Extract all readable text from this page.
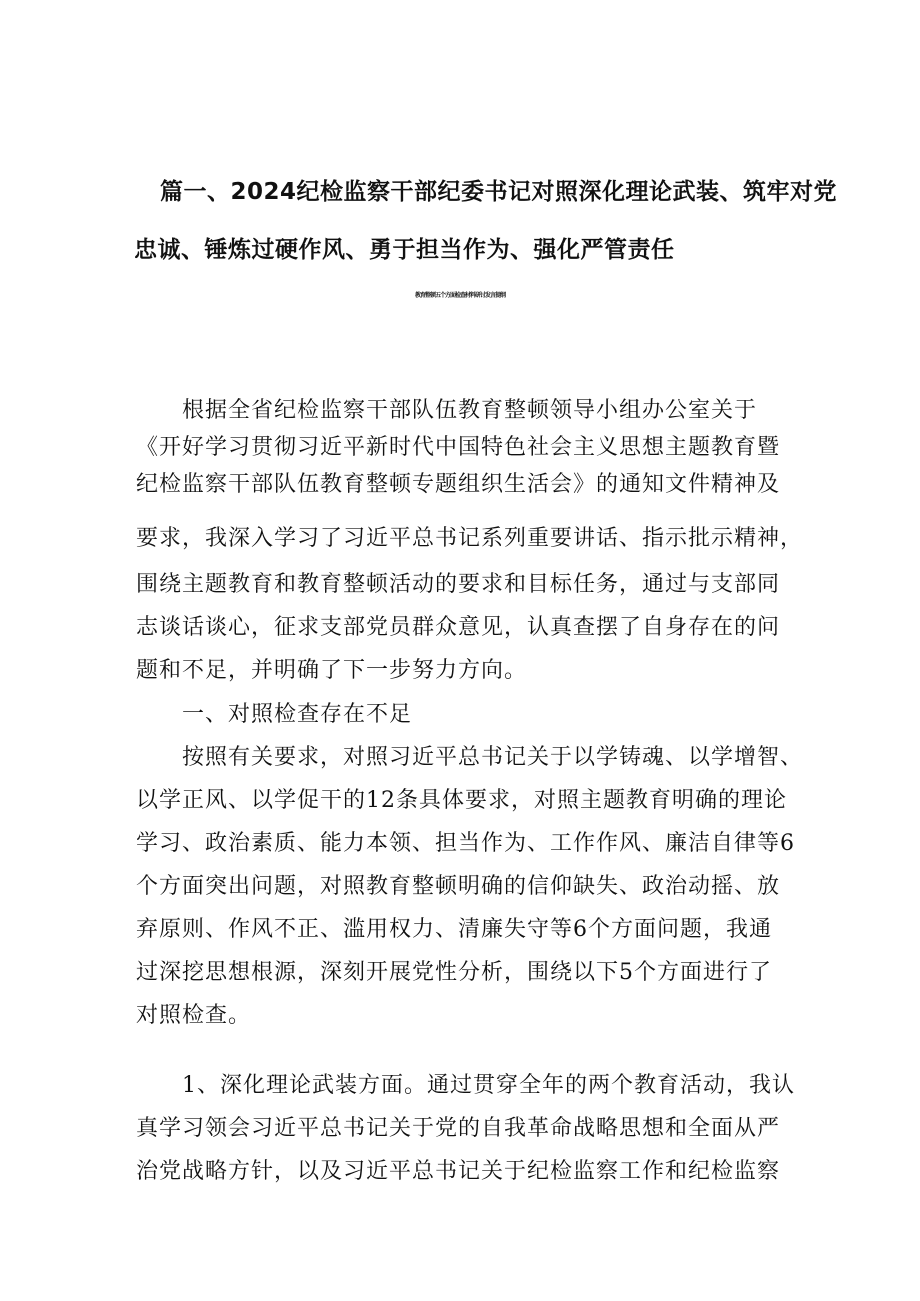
篇一、2024纪检监察干部纪委书记对照深化理论武装、筑牢对党
忠诚、锤炼过硬作风、勇于担当作为、强化严管责任
教育整顿五个方面检查材料研讨发言提纲
根据全省纪检监察干部队伍教育整顿领导小组办公室关于
《开好学习贯彻习近平新时代中国特色社会主义思想主题教育暨
纪检监察干部队伍教育整顿专题组织生活会》的通知文件精神及
要求，我深入学习了习近平总书记系列重要讲话、指示批示精神，
围绕主题教育和教育整顿活动的要求和目标任务，通过与支部同
志谈话谈心，征求支部党员群众意见，认真查摆了自身存在的问
题和不足，并明确了下一步努力方向。
一、对照检查存在不足
按照有关要求，对照习近平总书记关于以学铸魂、以学增智、
以学正风、以学促干的12条具体要求，对照主题教育明确的理论
学习、政治素质、能力本领、担当作为、工作作风、廉洁自律等6
个方面突出问题，对照教育整顿明确的信仰缺失、政治动摇、放
弃原则、作风不正、滥用权力、清廉失守等6个方面问题，我通
过深挖思想根源，深刻开展党性分析，围绕以下5个方面进行了
对照检查。
1、深化理论武装方面。通过贯穿全年的两个教育活动，我认
真学习领会习近平总书记关于党的自我革命战略思想和全面从严
治党战略方针，以及习近平总书记关于纪检监察工作和纪检监察
